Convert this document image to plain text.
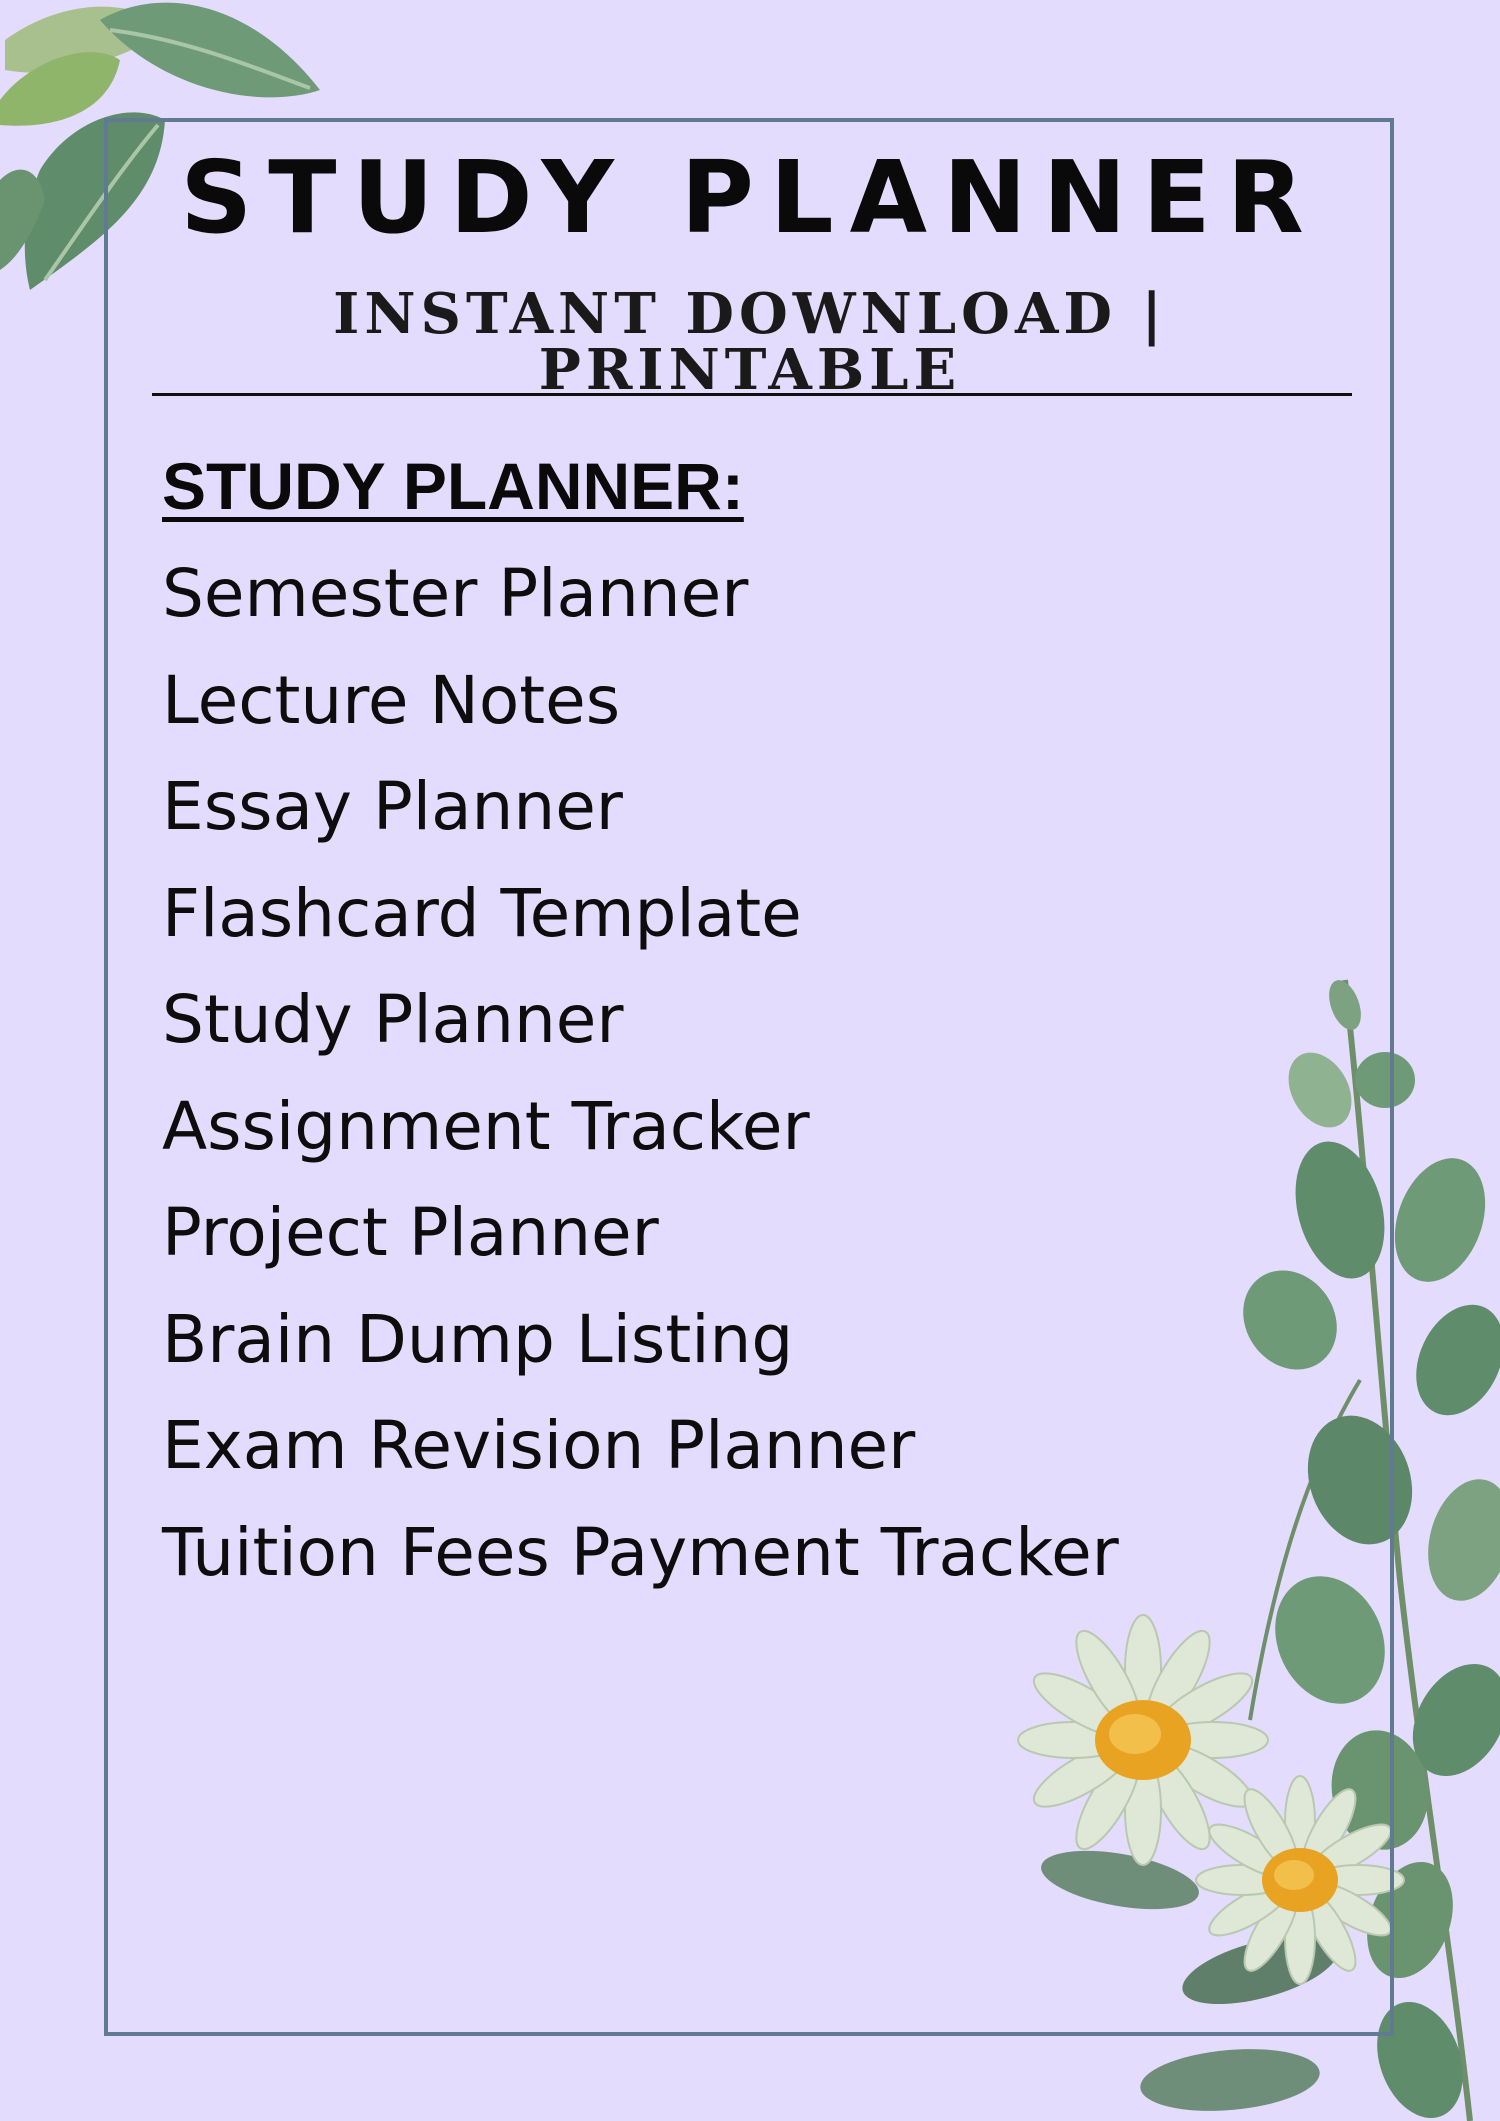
STUDY PLANNER
INSTANT DOWNLOAD | PRINTABLE
STUDY PLANNER:
Semester Planner
Lecture Notes
Essay Planner
Flashcard Template
Study Planner
Assignment Tracker
Project Planner
Brain Dump Listing
Exam Revision Planner
Tuition Fees Payment Tracker
